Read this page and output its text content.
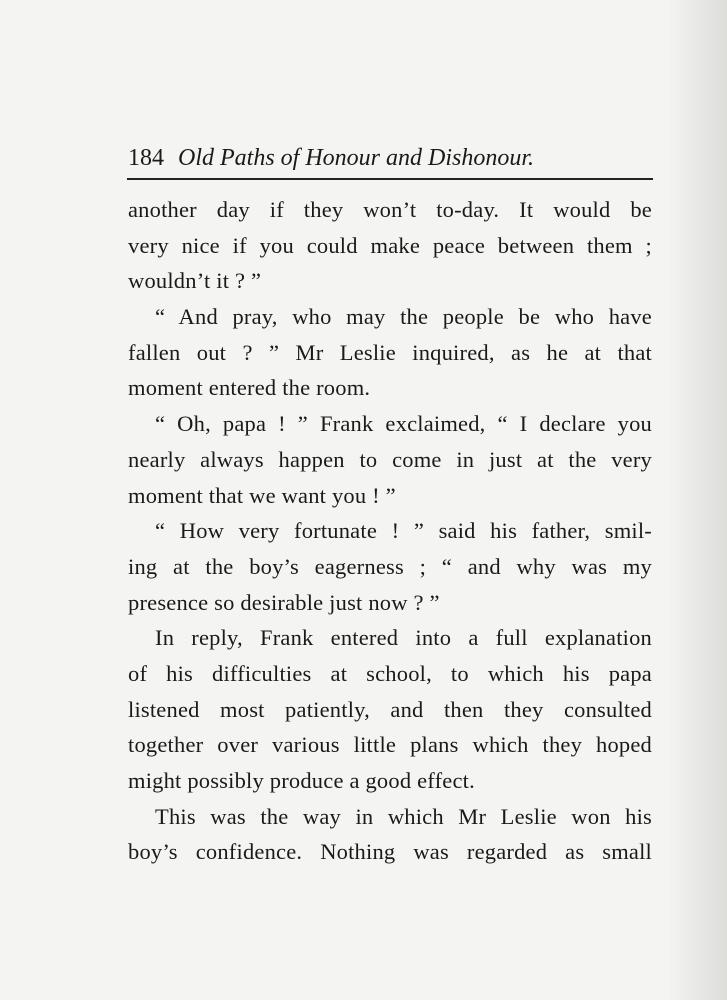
184 Old Paths of Honour and Dishonour.
another day if they won’t to-day. It would be
very nice if you could make peace between them ;
wouldn’t it ? ”
“ And pray, who may the people be who have
fallen out ? ” Mr Leslie inquired, as he at that
moment entered the room.
“ Oh, papa ! ” Frank exclaimed, “ I declare you
nearly always happen to come in just at the very
moment that we want you ! ”
“ How very fortunate ! ” said his father, smil-
ing at the boy’s eagerness ; “ and why was my
presence so desirable just now ? ”
In reply, Frank entered into a full explanation
of his difficulties at school, to which his papa
listened most patiently, and then they consulted
together over various little plans which they hoped
might possibly produce a good effect.
This was the way in which Mr Leslie won his
boy’s confidence. Nothing was regarded as small
